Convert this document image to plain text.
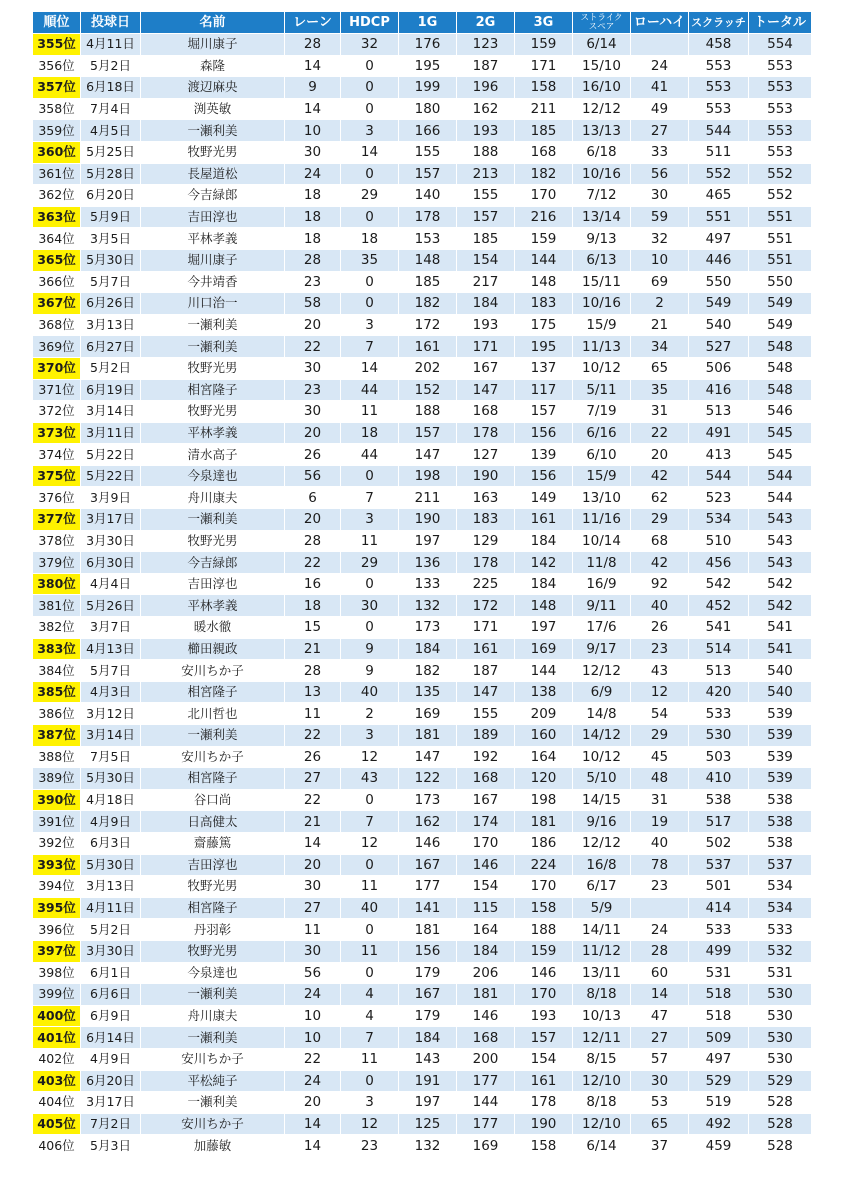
順位	投球日	名前	レーン	HDCP	1G	2G	3G	ストライク
スペア	ローハイ	スクラッチ	トータル
355位	4月11日	堀川康子	28	32	176	123	159	6/14		458	554
356位	5月2日	森隆	14	0	195	187	171	15/10	24	553	553
357位	6月18日	渡辺麻央	9	0	199	196	158	16/10	41	553	553
358位	7月4日	渕英敏	14	0	180	162	211	12/12	49	553	553
359位	4月5日	一瀬利美	10	3	166	193	185	13/13	27	544	553
360位	5月25日	牧野光男	30	14	155	188	168	6/18	33	511	553
361位	5月28日	長屋道松	24	0	157	213	182	10/16	56	552	552
362位	6月20日	今吉緑郎	18	29	140	155	170	7/12	30	465	552
363位	5月9日	吉田淳也	18	0	178	157	216	13/14	59	551	551
364位	3月5日	平林孝義	18	18	153	185	159	9/13	32	497	551
365位	5月30日	堀川康子	28	35	148	154	144	6/13	10	446	551
366位	5月7日	今井靖香	23	0	185	217	148	15/11	69	550	550
367位	6月26日	川口治一	58	0	182	184	183	10/16	2	549	549
368位	3月13日	一瀬利美	20	3	172	193	175	15/9	21	540	549
369位	6月27日	一瀬利美	22	7	161	171	195	11/13	34	527	548
370位	5月2日	牧野光男	30	14	202	167	137	10/12	65	506	548
371位	6月19日	相宮隆子	23	44	152	147	117	5/11	35	416	548
372位	3月14日	牧野光男	30	11	188	168	157	7/19	31	513	546
373位	3月11日	平林孝義	20	18	157	178	156	6/16	22	491	545
374位	5月22日	清水高子	26	44	147	127	139	6/10	20	413	545
375位	5月22日	今泉達也	56	0	198	190	156	15/9	42	544	544
376位	3月9日	舟川康夫	6	7	211	163	149	13/10	62	523	544
377位	3月17日	一瀬利美	20	3	190	183	161	11/16	29	534	543
378位	3月30日	牧野光男	28	11	197	129	184	10/14	68	510	543
379位	6月30日	今吉緑郎	22	29	136	178	142	11/8	42	456	543
380位	4月4日	吉田淳也	16	0	133	225	184	16/9	92	542	542
381位	5月26日	平林孝義	18	30	132	172	148	9/11	40	452	542
382位	3月7日	暖水徹	15	0	173	171	197	17/6	26	541	541
383位	4月13日	櫛田親政	21	9	184	161	169	9/17	23	514	541
384位	5月7日	安川ちか子	28	9	182	187	144	12/12	43	513	540
385位	4月3日	相宮隆子	13	40	135	147	138	6/9	12	420	540
386位	3月12日	北川哲也	11	2	169	155	209	14/8	54	533	539
387位	3月14日	一瀬利美	22	3	181	189	160	14/12	29	530	539
388位	7月5日	安川ちか子	26	12	147	192	164	10/12	45	503	539
389位	5月30日	相宮隆子	27	43	122	168	120	5/10	48	410	539
390位	4月18日	谷口尚	22	0	173	167	198	14/15	31	538	538
391位	4月9日	日高健太	21	7	162	174	181	9/16	19	517	538
392位	6月3日	齋藤篤	14	12	146	170	186	12/12	40	502	538
393位	5月30日	吉田淳也	20	0	167	146	224	16/8	78	537	537
394位	3月13日	牧野光男	30	11	177	154	170	6/17	23	501	534
395位	4月11日	相宮隆子	27	40	141	115	158	5/9		414	534
396位	5月2日	丹羽彰	11	0	181	164	188	14/11	24	533	533
397位	3月30日	牧野光男	30	11	156	184	159	11/12	28	499	532
398位	6月1日	今泉達也	56	0	179	206	146	13/11	60	531	531
399位	6月6日	一瀬利美	24	4	167	181	170	8/18	14	518	530
400位	6月9日	舟川康夫	10	4	179	146	193	10/13	47	518	530
401位	6月14日	一瀬利美	10	7	184	168	157	12/11	27	509	530
402位	4月9日	安川ちか子	22	11	143	200	154	8/15	57	497	530
403位	6月20日	平松純子	24	0	191	177	161	12/10	30	529	529
404位	3月17日	一瀬利美	20	3	197	144	178	8/18	53	519	528
405位	7月2日	安川ちか子	14	12	125	177	190	12/10	65	492	528
406位	5月3日	加藤敏	14	23	132	169	158	6/14	37	459	528
